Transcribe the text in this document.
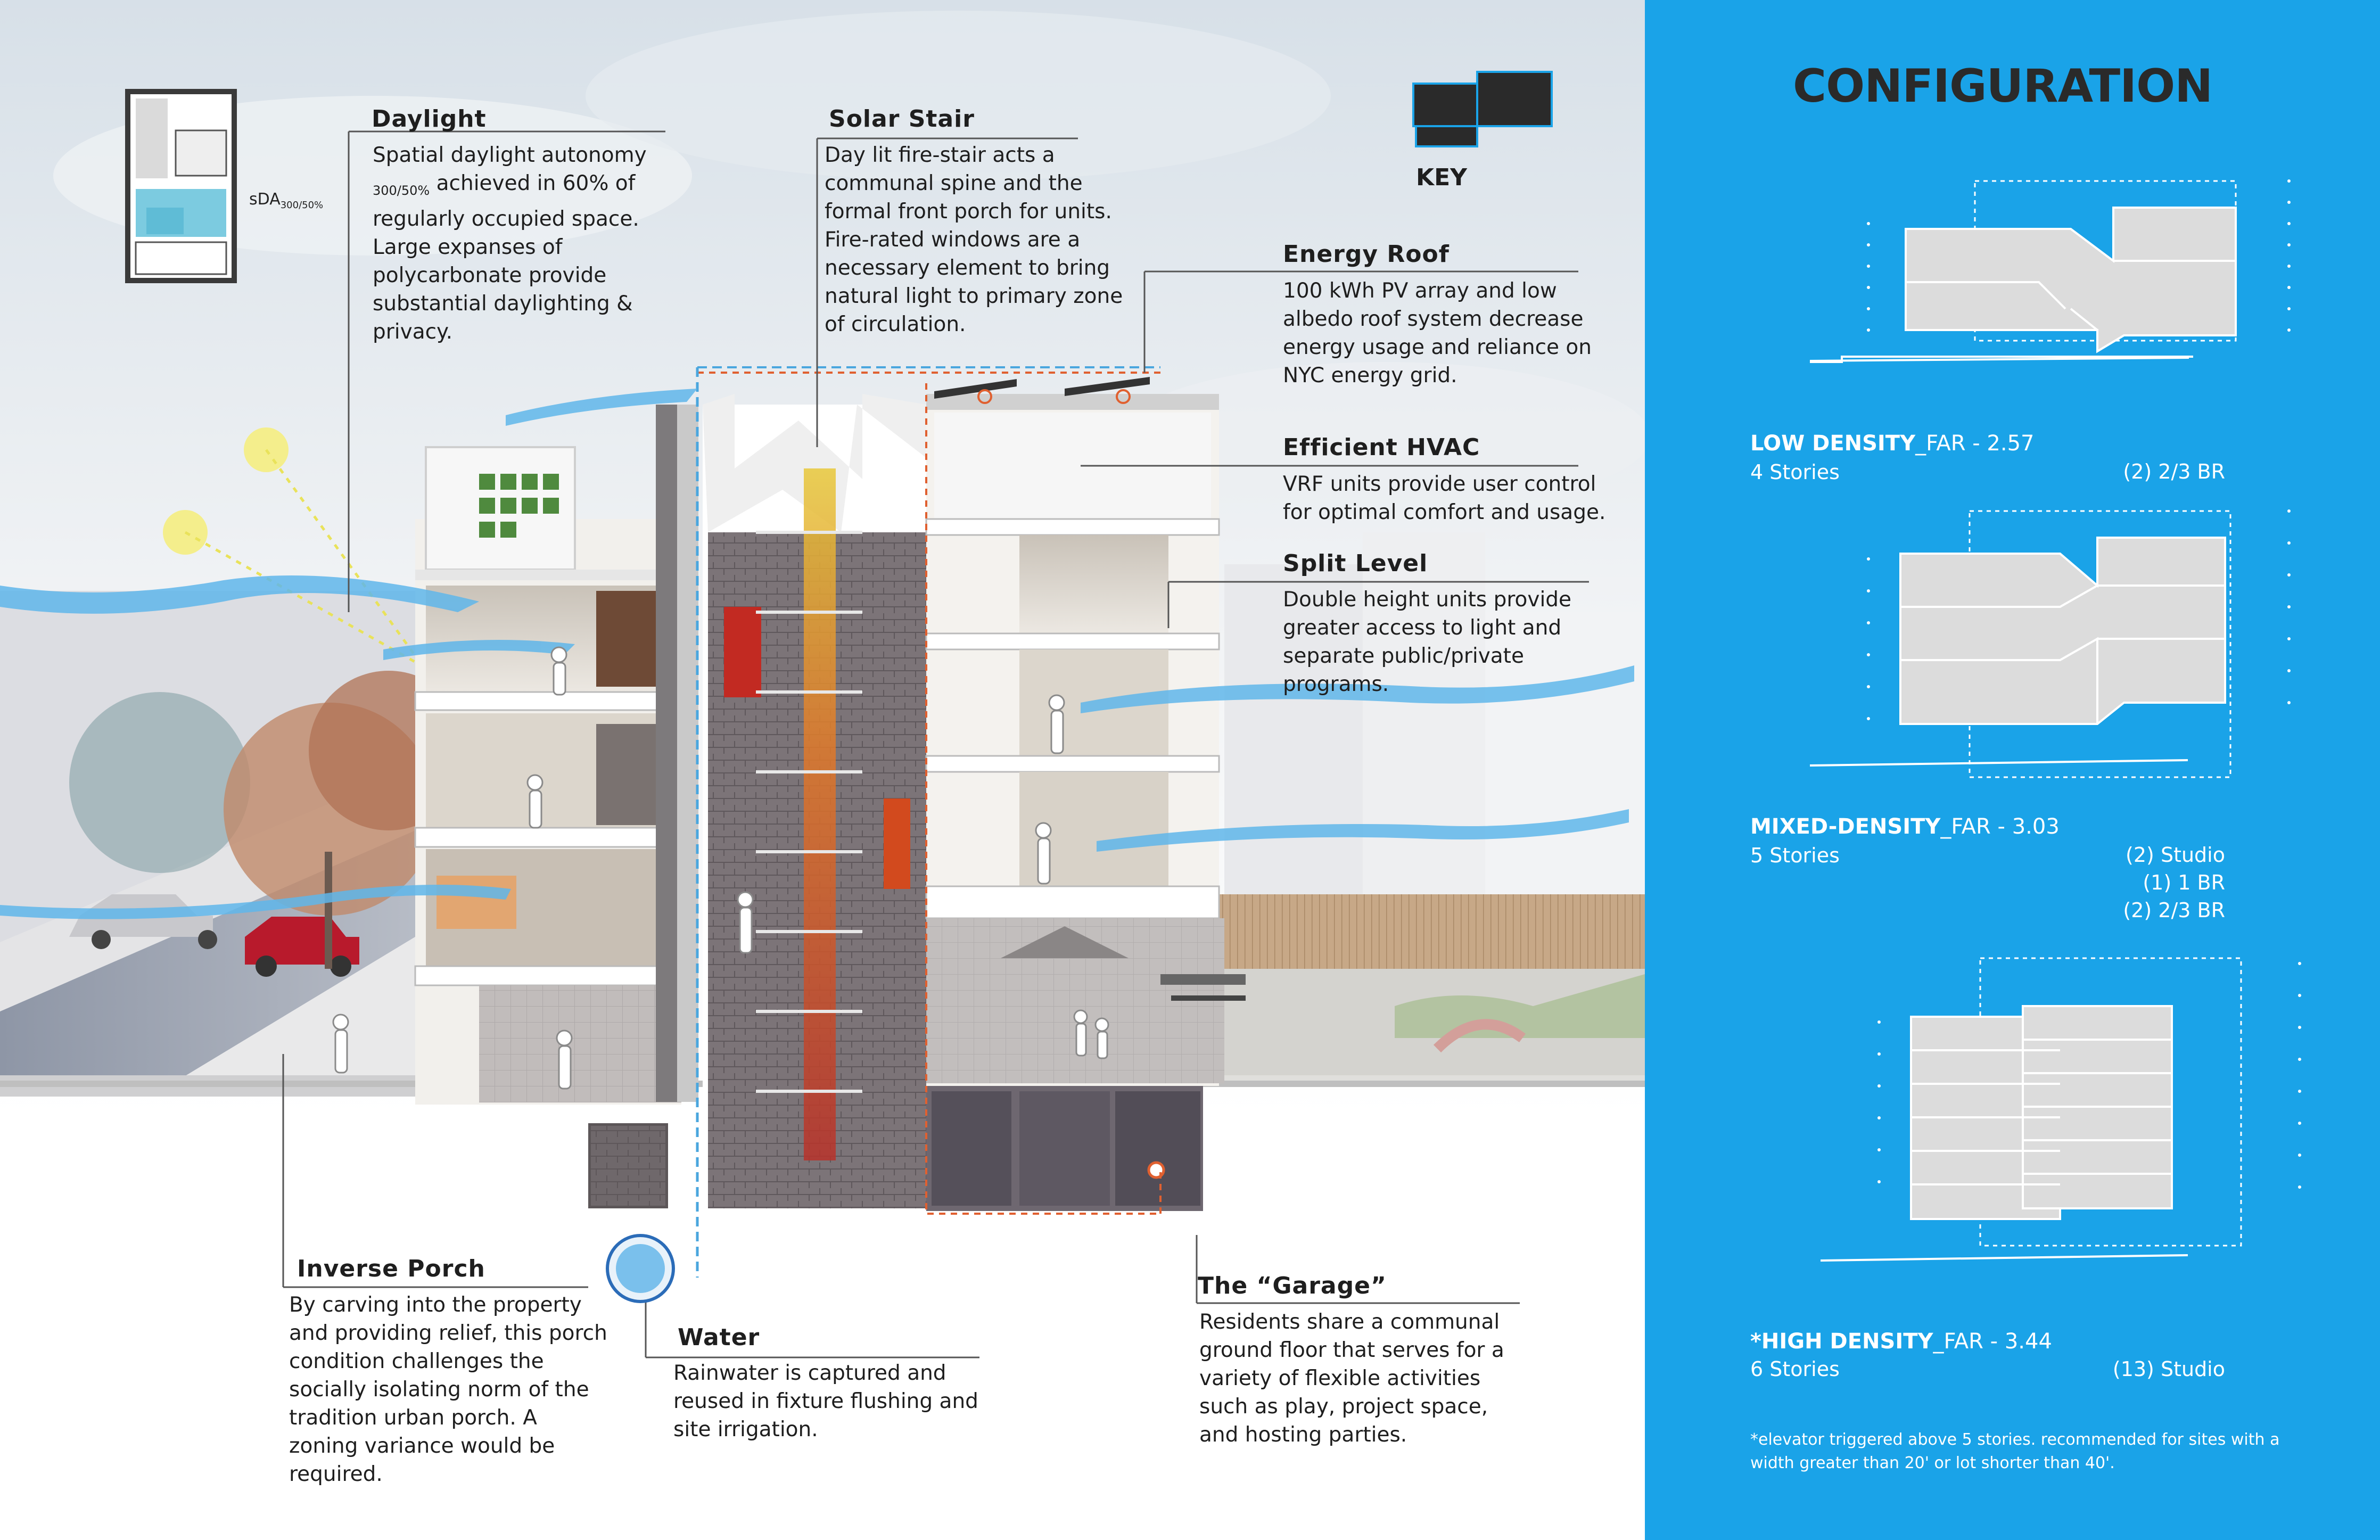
sDA$_{300/50\%}$
Daylight
Spatial daylight autonomy $_{300/50\%}$ achieved in 60% of regularly occupied space. Large expanses of polycarbonate provide substantial daylighting & privacy.
Solar Stair
Day lit fire-stair acts a communal spine and the formal front porch for units. Fire-rated windows are a necessary element to bring natural light to primary zone of circulation.
Energy Roof
100 kWh PV array and low albedo roof system decrease energy usage and reliance on NYC energy grid.
Efficient HVAC
VRF units provide user control for optimal comfort and usage.
Split Level
Double height units provide greater access to light and separate public/private programs.
Inverse Porch
By carving into the property and providing relief, this porch condition challenges the socially isolating norm of the tradition urban porch. A zoning variance would be required.
Water
Rainwater is captured and reused in fixture flushing and site irrigation.
The “Garage”
Residents share a communal ground floor that serves for a variety of flexible activities such as play, project space, and hosting parties.
KEY
CONFIGURATION
LOW DENSITY_FAR - 2.57
4 Stories	(2) 2/3 BR
MIXED-DENSITY_FAR - 3.03
5 Stories	(2) Studio
(1) 1 BR
(2) 2/3 BR
*HIGH DENSITY_FAR - 3.44
6 Stories	(13) Studio
*elevator triggered above 5 stories. recommended for sites with a width greater than 20' or lot shorter than 40'.
